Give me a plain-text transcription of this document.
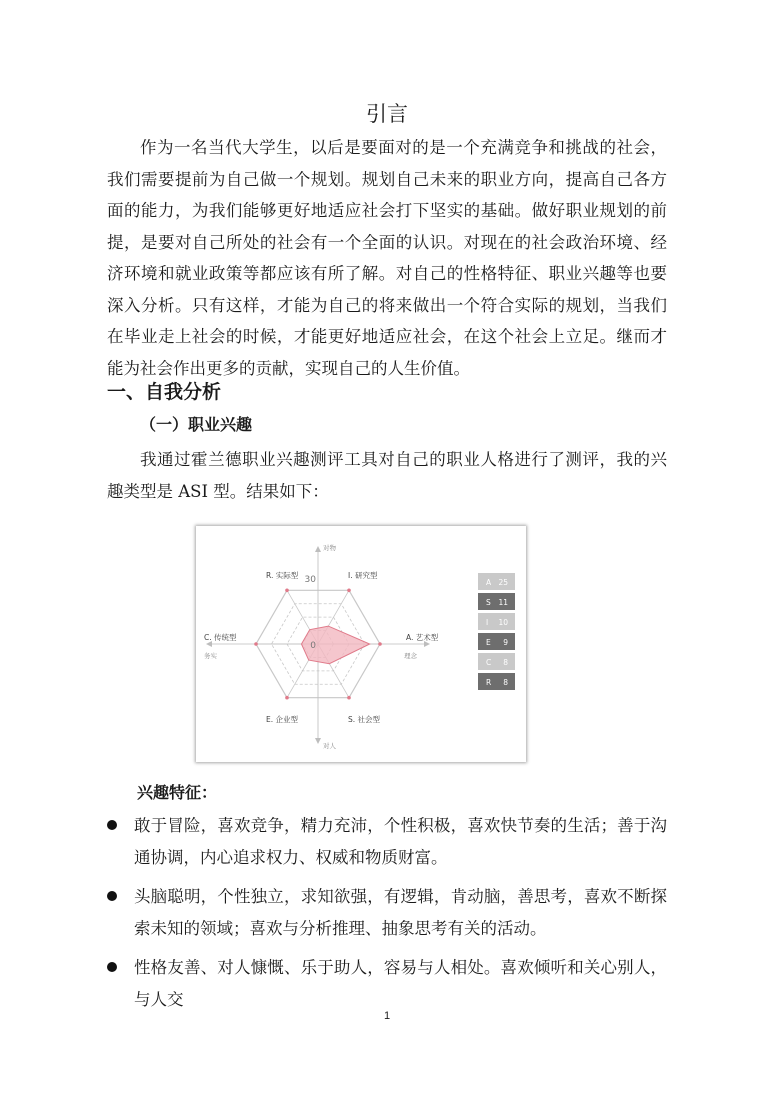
引言

作为一名当代大学生，以后是要面对的是一个充满竞争和挑战的社会，我们需要提前为自己做一个规划。规划自己未来的职业方向，提高自己各方面的能力，为我们能够更好地适应社会打下坚实的基础。做好职业规划的前提，是要对自己所处的社会有一个全面的认识。对现在的社会政治环境、经济环境和就业政策等都应该有所了解。对自己的性格特征、职业兴趣等也要深入分析。只有这样，才能为自己的将来做出一个符合实际的规划，当我们在毕业走上社会的时候，才能更好地适应社会，在这个社会上立足。继而才能为社会作出更多的贡献，实现自己的人生价值。

一、自我分析
（一）职业兴趣

我通过霍兰德职业兴趣测评工具对自己的职业人格进行了测评，我的兴趣类型是 ASI 型。结果如下：

A. 艺术型
S. 社会型
E. 企业型
C. 传统型
R. 实际型	I. 研究型
30
0
对物
对人
务实	理念
A 25
S 11
I 10
E 9
C 8
R 8
兴趣特征：
敢于冒险，喜欢竞争，精力充沛，个性积极，喜欢快节奏的生活；善于沟通协调，内心追求权力、权威和物质财富。
头脑聪明，个性独立，求知欲强，有逻辑，肯动脑，善思考，喜欢不断探索未知的领域；喜欢与分析推理、抽象思考有关的活动。
性格友善、对人慷慨、乐于助人，容易与人相处。喜欢倾听和关心别人，与人交
1
